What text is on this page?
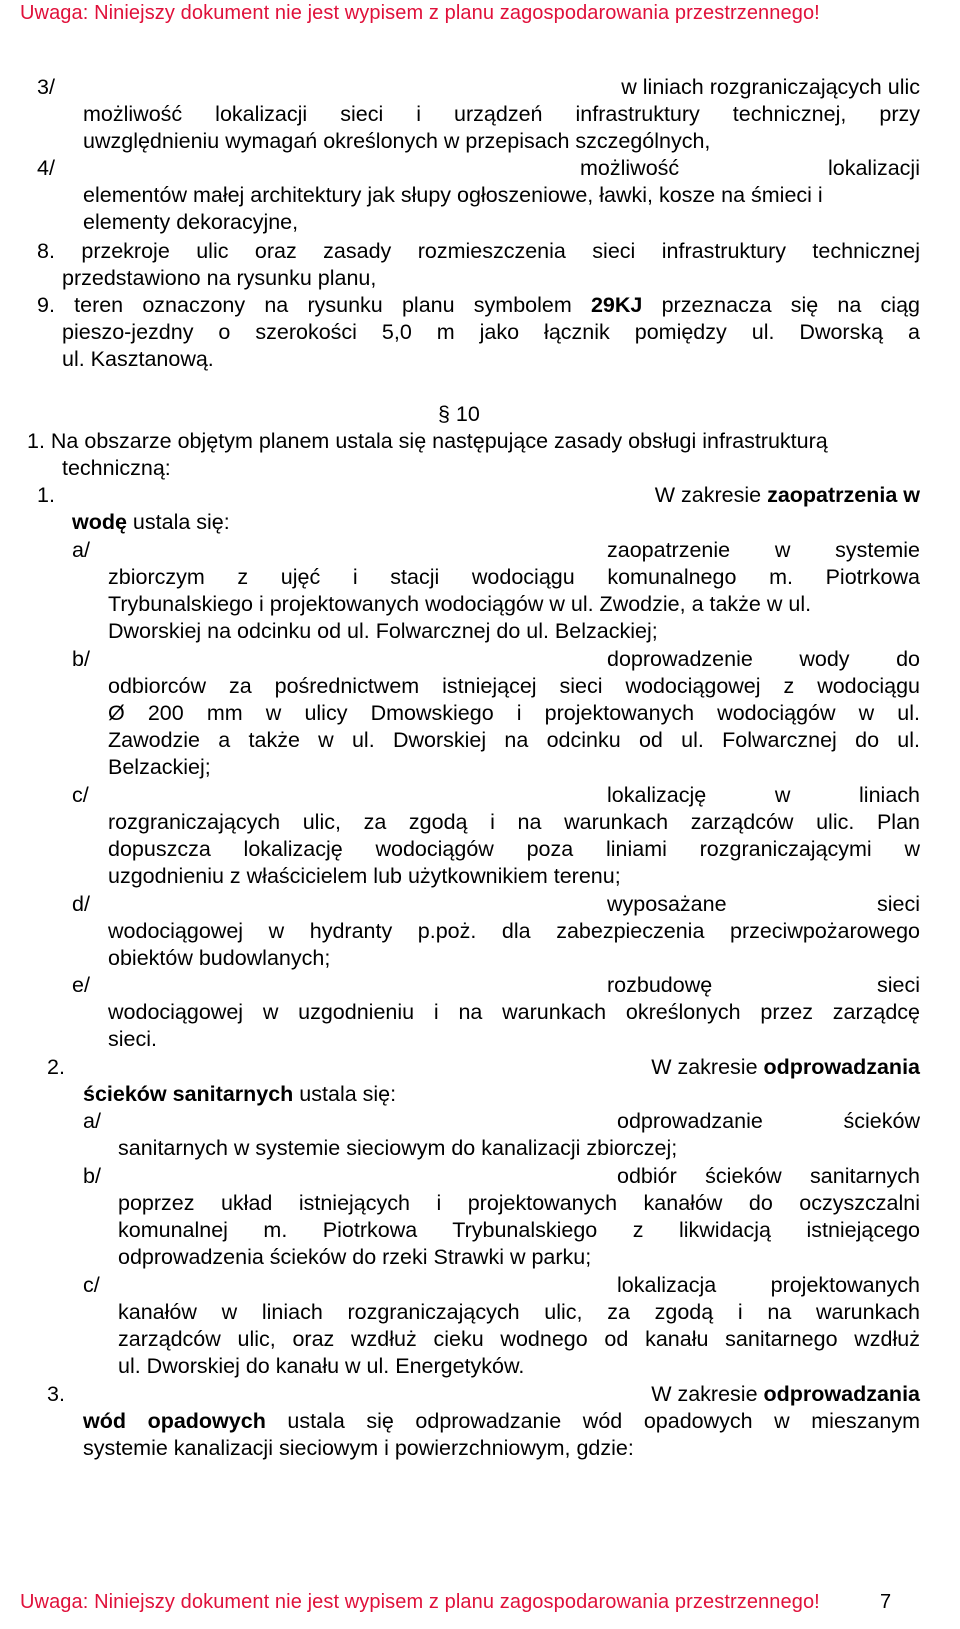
Uwaga: Niniejszy dokument nie jest wypisem z planu zagospodarowania przestrzennego!
3/	w liniach rozgraniczających ulic
możliwość lokalizacji sieci i urządzeń infrastruktury technicznej, przy
uwzględnieniu wymagań określonych w przepisach szczególnych,
4/	możliwość	lokalizacji
elementów małej architektury jak słupy ogłoszeniowe, ławki, kosze na śmieci i
elementy dekoracyjne,
8. przekroje ulic oraz zasady rozmieszczenia sieci infrastruktury technicznej
przedstawiono na rysunku planu,
9. teren oznaczony na rysunku planu symbolem 29KJ przeznacza się na ciąg
pieszo-jezdny o szerokości 5,0 m jako łącznik pomiędzy ul. Dworską a
ul. Kasztanową.
§ 10
1. Na obszarze objętym planem ustala się następujące zasady obsługi infrastrukturą
techniczną:
1.	W zakresie zaopatrzenia w
wodę ustala się:
a/	zaopatrzenie w systemie
zbiorczym z ujęć i stacji wodociągu komunalnego m. Piotrkowa
Trybunalskiego i projektowanych wodociągów w ul. Zwodzie, a także w ul.
Dworskiej na odcinku od ul. Folwarcznej do ul. Belzackiej;
b/	doprowadzenie wody do
odbiorców za pośrednictwem istniejącej sieci wodociągowej z wodociągu
Ø 200 mm w ulicy Dmowskiego i projektowanych wodociągów w ul.
Zawodzie a także w ul. Dworskiej na odcinku od ul. Folwarcznej do ul.
Belzackiej;
c/	lokalizację w liniach
rozgraniczających ulic, za zgodą i na warunkach zarządców ulic. Plan
dopuszcza lokalizację wodociągów poza liniami rozgraniczającymi w
uzgodnieniu z właścicielem lub użytkownikiem terenu;
d/	wyposażane sieci
wodociągowej w hydranty p.poż. dla zabezpieczenia przeciwpożarowego
obiektów budowlanych;
e/	rozbudowę sieci
wodociągowej w uzgodnieniu i na warunkach określonych przez zarządcę
sieci.
2.	W zakresie odprowadzania
ścieków sanitarnych ustala się:
a/	odprowadzanie ścieków
sanitarnych w systemie sieciowym do kanalizacji zbiorczej;
b/	odbiór ścieków sanitarnych
poprzez układ istniejących i projektowanych kanałów do oczyszczalni
komunalnej m. Piotrkowa Trybunalskiego z likwidacją istniejącego
odprowadzenia ścieków do rzeki Strawki w parku;
c/	lokalizacja projektowanych
kanałów w liniach rozgraniczających ulic, za zgodą i na warunkach
zarządców ulic, oraz wzdłuż cieku wodnego od kanału sanitarnego wzdłuż
ul. Dworskiej do kanału w ul. Energetyków.
3.	W zakresie odprowadzania
wód opadowych ustala się odprowadzanie wód opadowych w mieszanym
systemie kanalizacji sieciowym i powierzchniowym, gdzie:
Uwaga: Niniejszy dokument nie jest wypisem z planu zagospodarowania przestrzennego!	7
